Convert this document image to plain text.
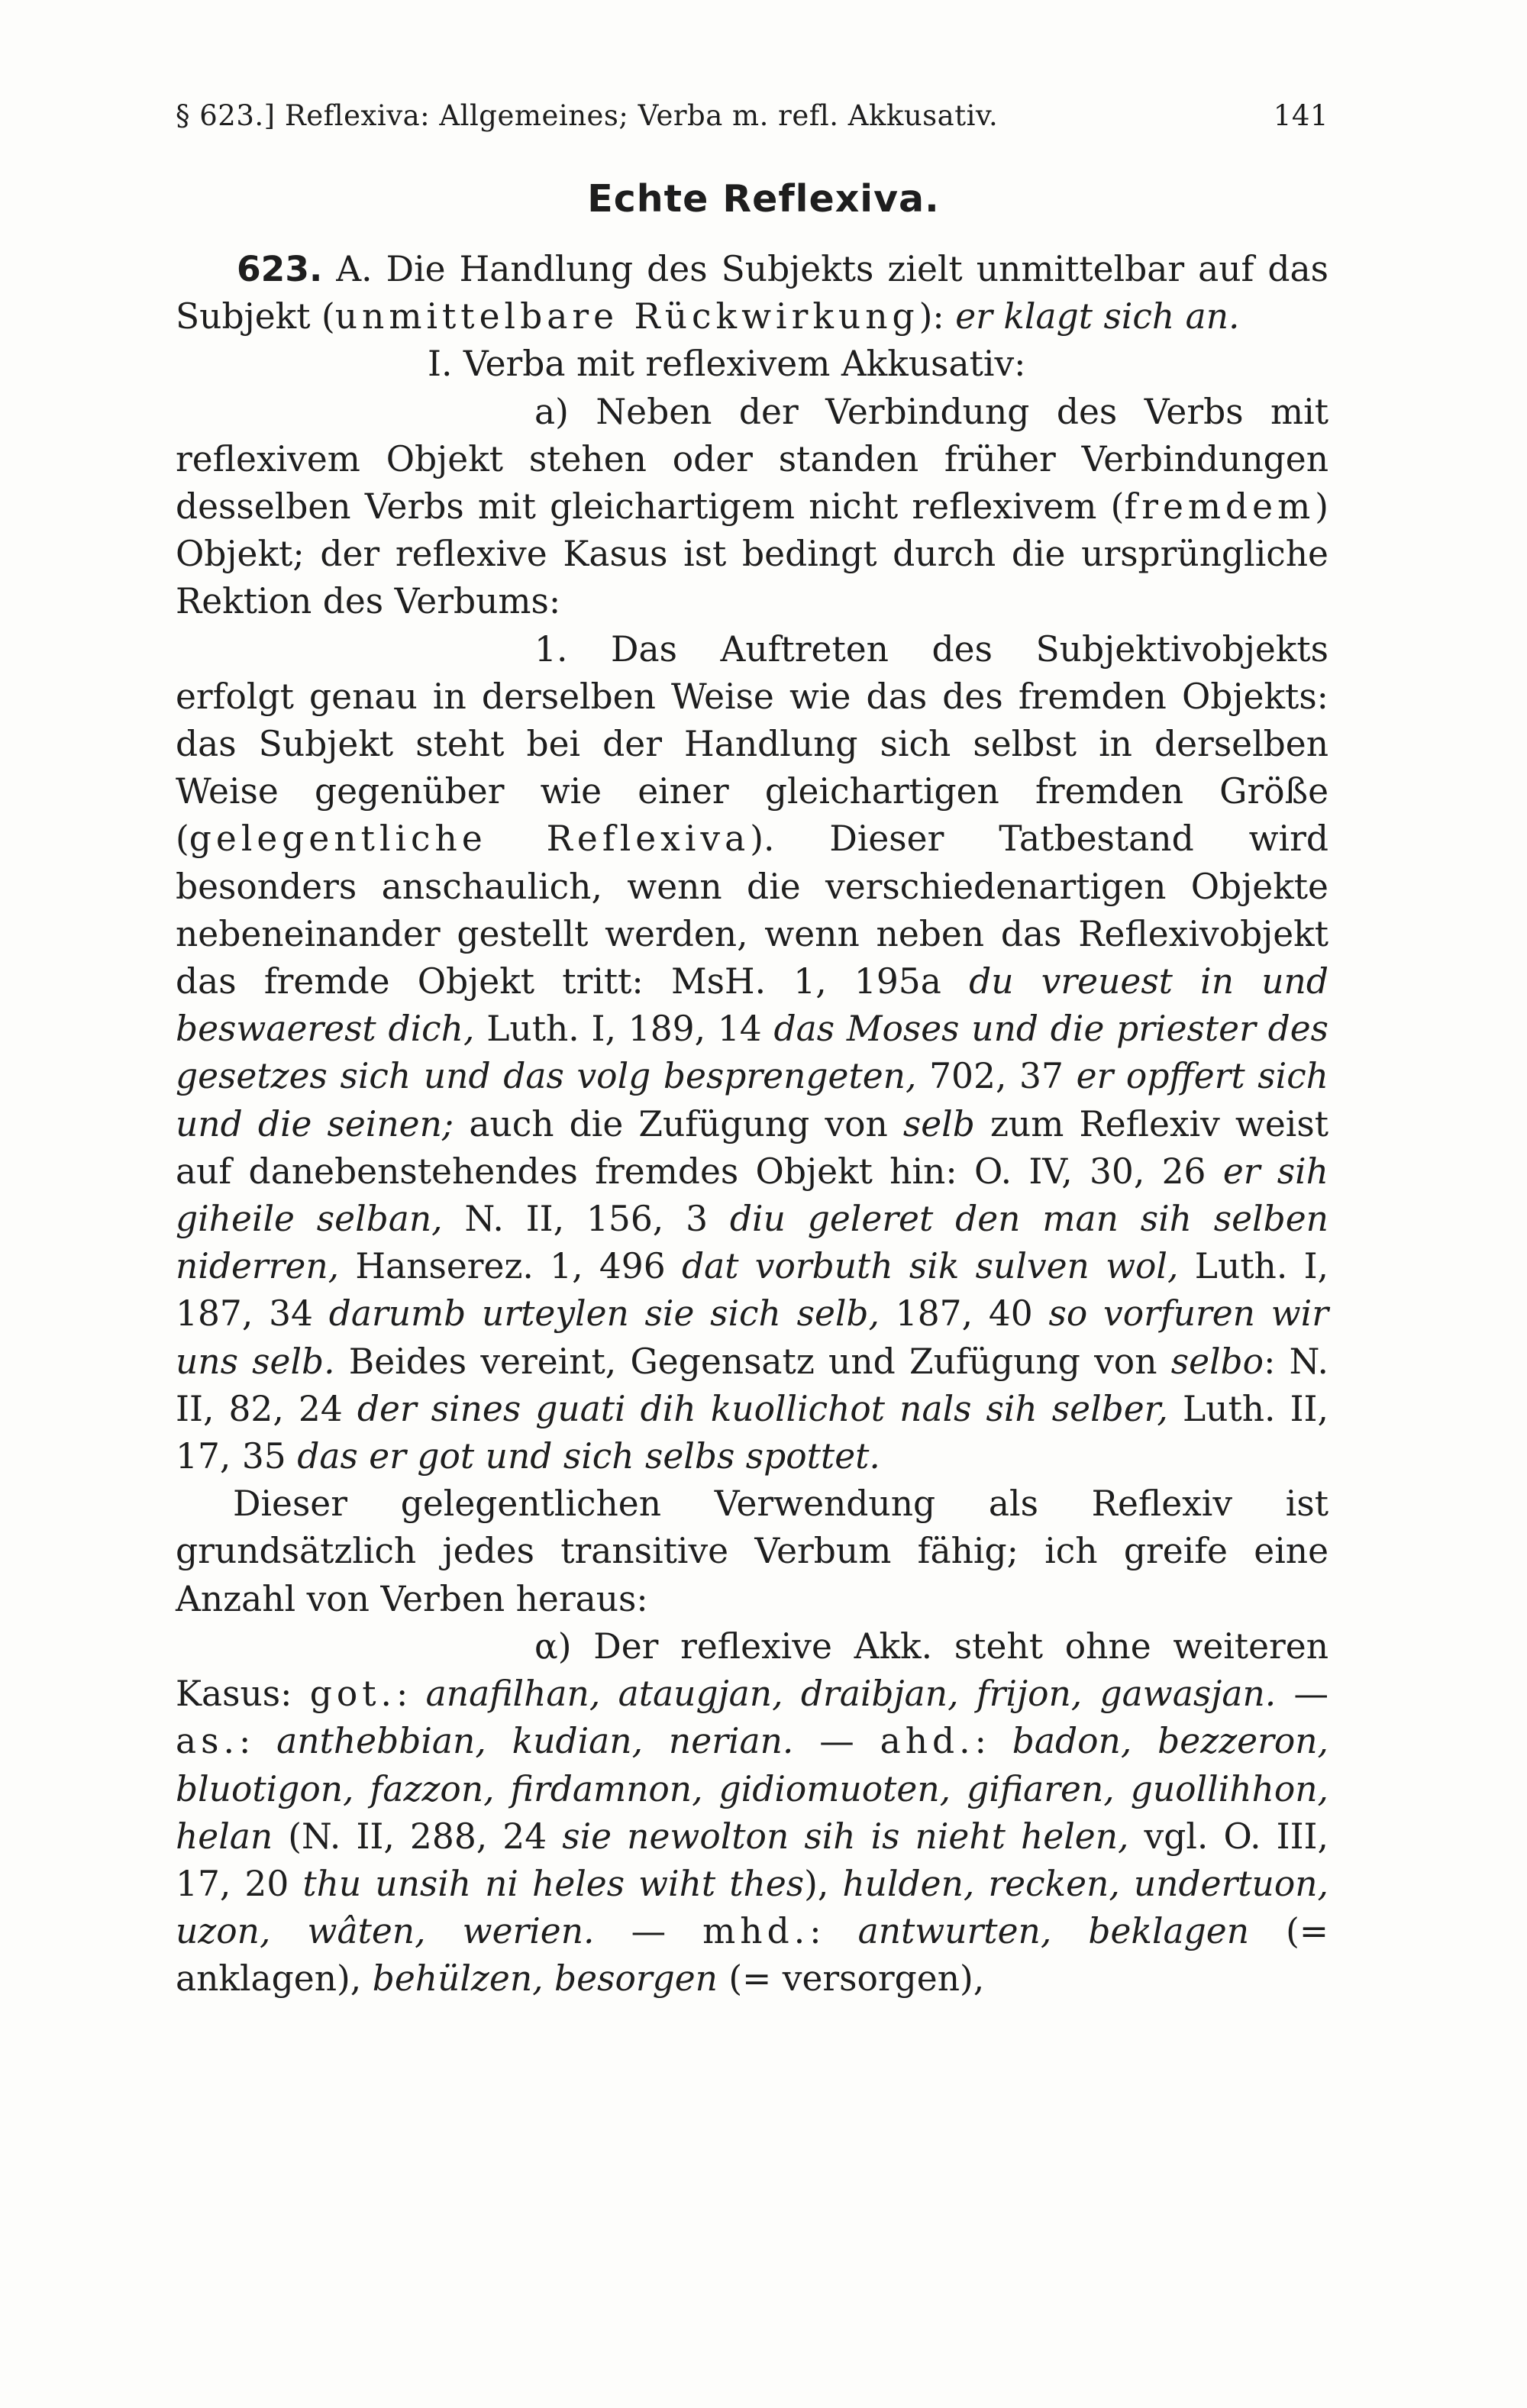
§ 623.] Reflexiva: Allgemeines; Verba m. refl. Akkusativ.	141
Echte Reflexiva.

623. A. Die Handlung des Subjekts zielt unmittelbar auf das Subjekt (unmittelbare Rückwirkung): er klagt sich an.

I. Verba mit reflexivem Akkusativ:

a) Neben der Verbindung des Verbs mit reflexivem Objekt stehen oder standen früher Verbindungen desselben Verbs mit gleichartigem nicht reflexivem (fremdem) Objekt; der reflexive Kasus ist bedingt durch die ursprüngliche Rektion des Verbums:

1. Das Auftreten des Subjektivobjekts erfolgt genau in derselben Weise wie das des fremden Objekts: das Subjekt steht bei der Handlung sich selbst in derselben Weise gegenüber wie einer gleichartigen fremden Größe (gelegentliche Reflexiva). Dieser Tatbestand wird besonders anschaulich, wenn die verschiedenartigen Objekte nebeneinander gestellt werden, wenn neben das Reflexivobjekt das fremde Objekt tritt: MsH. 1, 195a du vreuest in und beswaerest dich, Luth. I, 189, 14 das Moses und die priester des gesetzes sich und das volg besprengeten, 702, 37 er opffert sich und die seinen; auch die Zufügung von selb zum Reflexiv weist auf danebenstehendes fremdes Objekt hin: O. IV, 30, 26 er sih giheile selban, N. II, 156, 3 diu geleret den man sih selben niderren, Hanserez. 1, 496 dat vorbuth sik sulven wol, Luth. I, 187, 34 darumb urteylen sie sich selb, 187, 40 so vorfuren wir uns selb. Beides vereint, Gegensatz und Zufügung von selbo: N. II, 82, 24 der sines guati dih kuollichot nals sih selber, Luth. II, 17, 35 das er got und sich selbs spottet.

Dieser gelegentlichen Verwendung als Reflexiv ist grundsätzlich jedes transitive Verbum fähig; ich greife eine Anzahl von Verben heraus:

α) Der reflexive Akk. steht ohne weiteren Kasus: got.: anafilhan, ataugjan, draibjan, frijon, gawasjan. — as.: anthebbian, kudian, nerian. — ahd.: badon, bezzeron, bluotigon, fazzon, firdamnon, gidiomuoten, gifiaren, guollihhon, helan (N. II, 288, 24 sie newolton sih is nieht helen, vgl. O. III, 17, 20 thu unsih ni heles wiht thes), hulden, recken, undertuon, uzon, wâten, werien. — mhd.: antwurten, beklagen (= anklagen), behülzen, besorgen (= versorgen),
